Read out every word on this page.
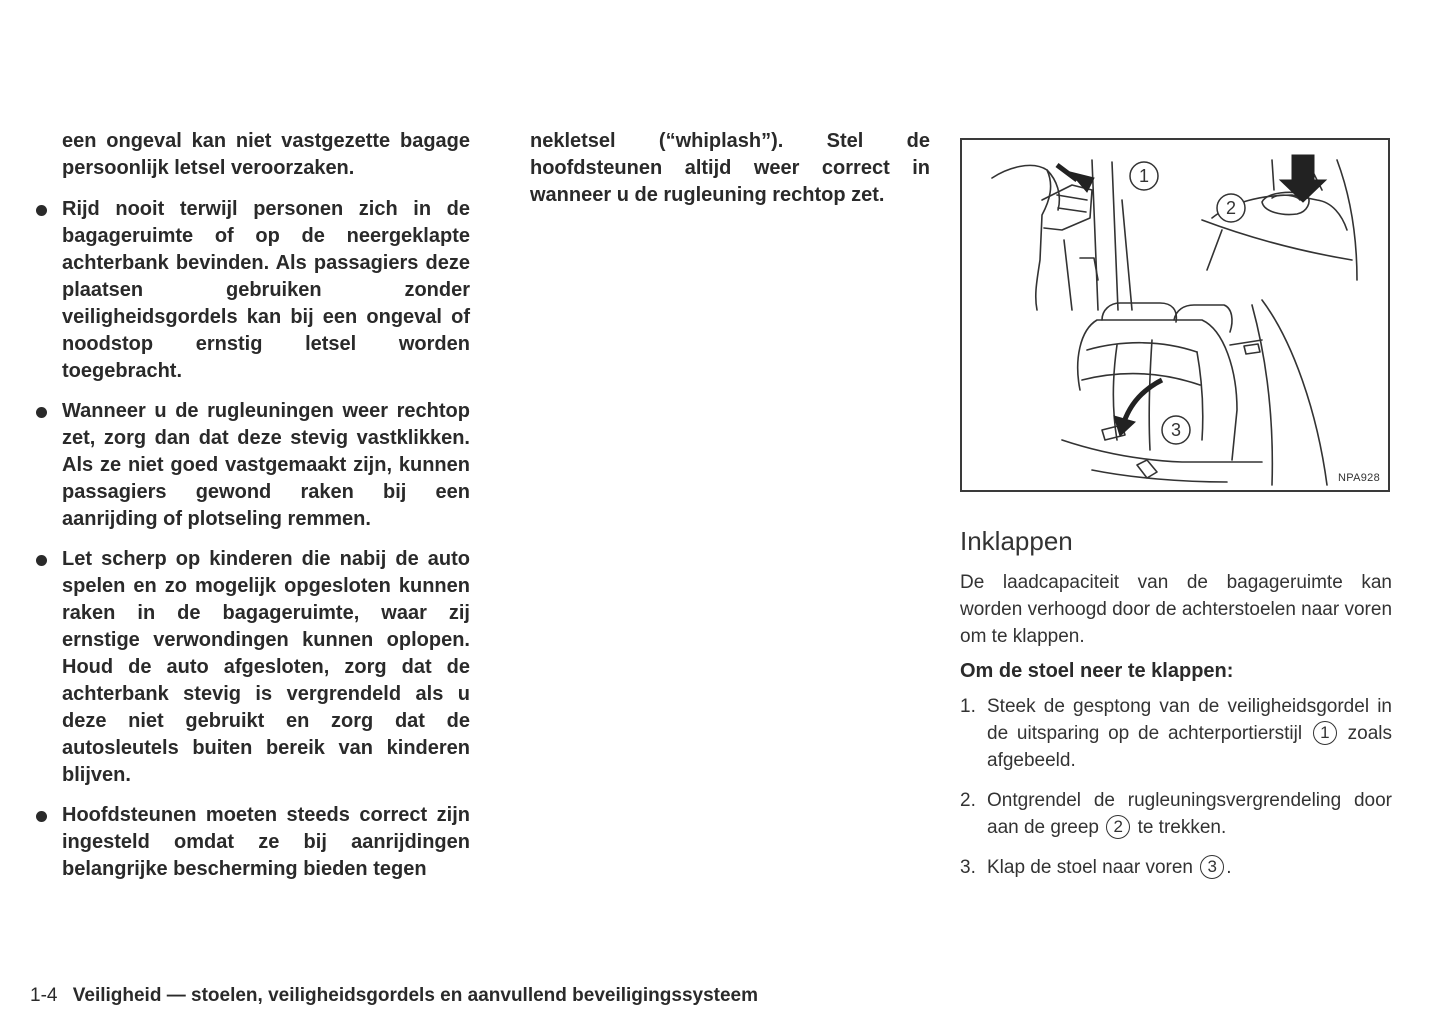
een ongeval kan niet vastgezette bagage persoonlijk letsel veroorzaken.

Rijd nooit terwijl personen zich in de bagageruimte of op de neergeklapte achterbank bevinden. Als passagiers deze plaatsen gebruiken zonder veiligheidsgordels kan bij een ongeval of noodstop ernstig letsel worden toegebracht.
Wanneer u de rugleuningen weer rechtop zet, zorg dan dat deze stevig vastklikken. Als ze niet goed vastgemaakt zijn, kunnen passagiers gewond raken bij een aanrijding of plotseling remmen.
Let scherp op kinderen die nabij de auto spelen en zo mogelijk opgesloten kunnen raken in de bagageruimte, waar zij ernstige verwondingen kunnen oplopen. Houd de auto afgesloten, zorg dat de achterbank stevig is vergrendeld als u deze niet gebruikt en zorg dat de autosleutels buiten bereik van kinderen blijven.
Hoofdsteunen moeten steeds correct zijn ingesteld omdat ze bij aanrijdingen belangrijke bescherming bieden tegen

nekletsel (“whiplash”). Stel de hoofdsteunen altijd weer correct in wanneer u de rugleuning rechtop zet.

1
2
3
NPA928
Inklappen

De laadcapaciteit van de bagageruimte kan worden verhoogd door de achterstoelen naar voren om te klappen.

Om de stoel neer te klappen:
1. Steek de gesptong van de veiligheidsgordel in de uitsparing op de achterportierstijl 1 zoals afgebeeld.
2. Ontgrendel de rugleuningsvergrendeling door aan de greep 2 te trekken.
3. Klap de stoel naar voren 3 .
1-4 Veiligheid — stoelen, veiligheidsgordels en aanvullend beveiligingssysteem
